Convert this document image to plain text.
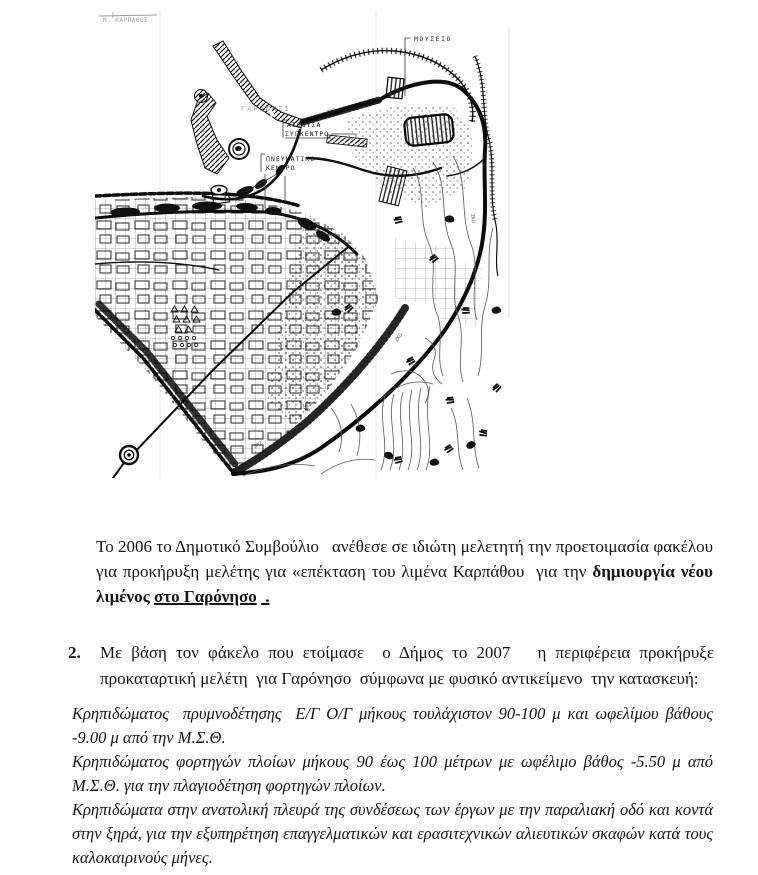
Ν. ΚΑΡΠΑΘΟΣ
ΓΑΡΟΝΗΣΙ
ΜΟΥΣΕΙΟ
ΑΙΘΟΥΣΑ
ΣΥΓΚΕΝΤΡΩ
ΠΝΕΥΜΑΤΙΚΟ
ΚΕΝΤΡΟ
ΟΧΖ
ΟΧΖ
ΟΧΖ
ΟΧΖ
ΖΚΟ
ΖΚΟ
ΖΚΟ

Το 2006 το Δημοτικό Συμβούλιο   ανέθεσε σε ιδιώτη μελετητή την προετοιμασία φακέλου για προκήρυξη μελέτης για «επέκταση του λιμένα Καρπάθου  για την δημιουργία νέου λιμένος στο Γαρόνησο  .

2.	Με βάση τον φάκελο που ετοίμασε  ο Δήμος το 2007   η περιφέρεια προκήρυξε προκαταρτική μελέτη  για Γαρόνησο  σύμφωνα με φυσικό αντικείμενο  την κατασκευή:

Κρηπιδώματος  πρυμνοδέτησης  Ε/Γ Ο/Γ μήκους τουλάχιστον 90-100 μ και ωφελίμου βάθους  -9.00 μ από την Μ.Σ.Θ.

Κρηπιδώματος φορτηγών πλοίων μήκους 90 έως 100 μέτρων με ωφέλιμο βάθος -5.50 μ από Μ.Σ.Θ. για την πλαγιοδέτηση φορτηγών πλοίων.

Κρηπιδώματα στην ανατολική πλευρά της συνδέσεως των έργων με την παραλιακή οδό και κοντά στην ξηρά, για την εξυπηρέτηση επαγγελματικών και ερασιτεχνικών αλιευτικών σκαφών κατά τους καλοκαιρινούς μήνες.
